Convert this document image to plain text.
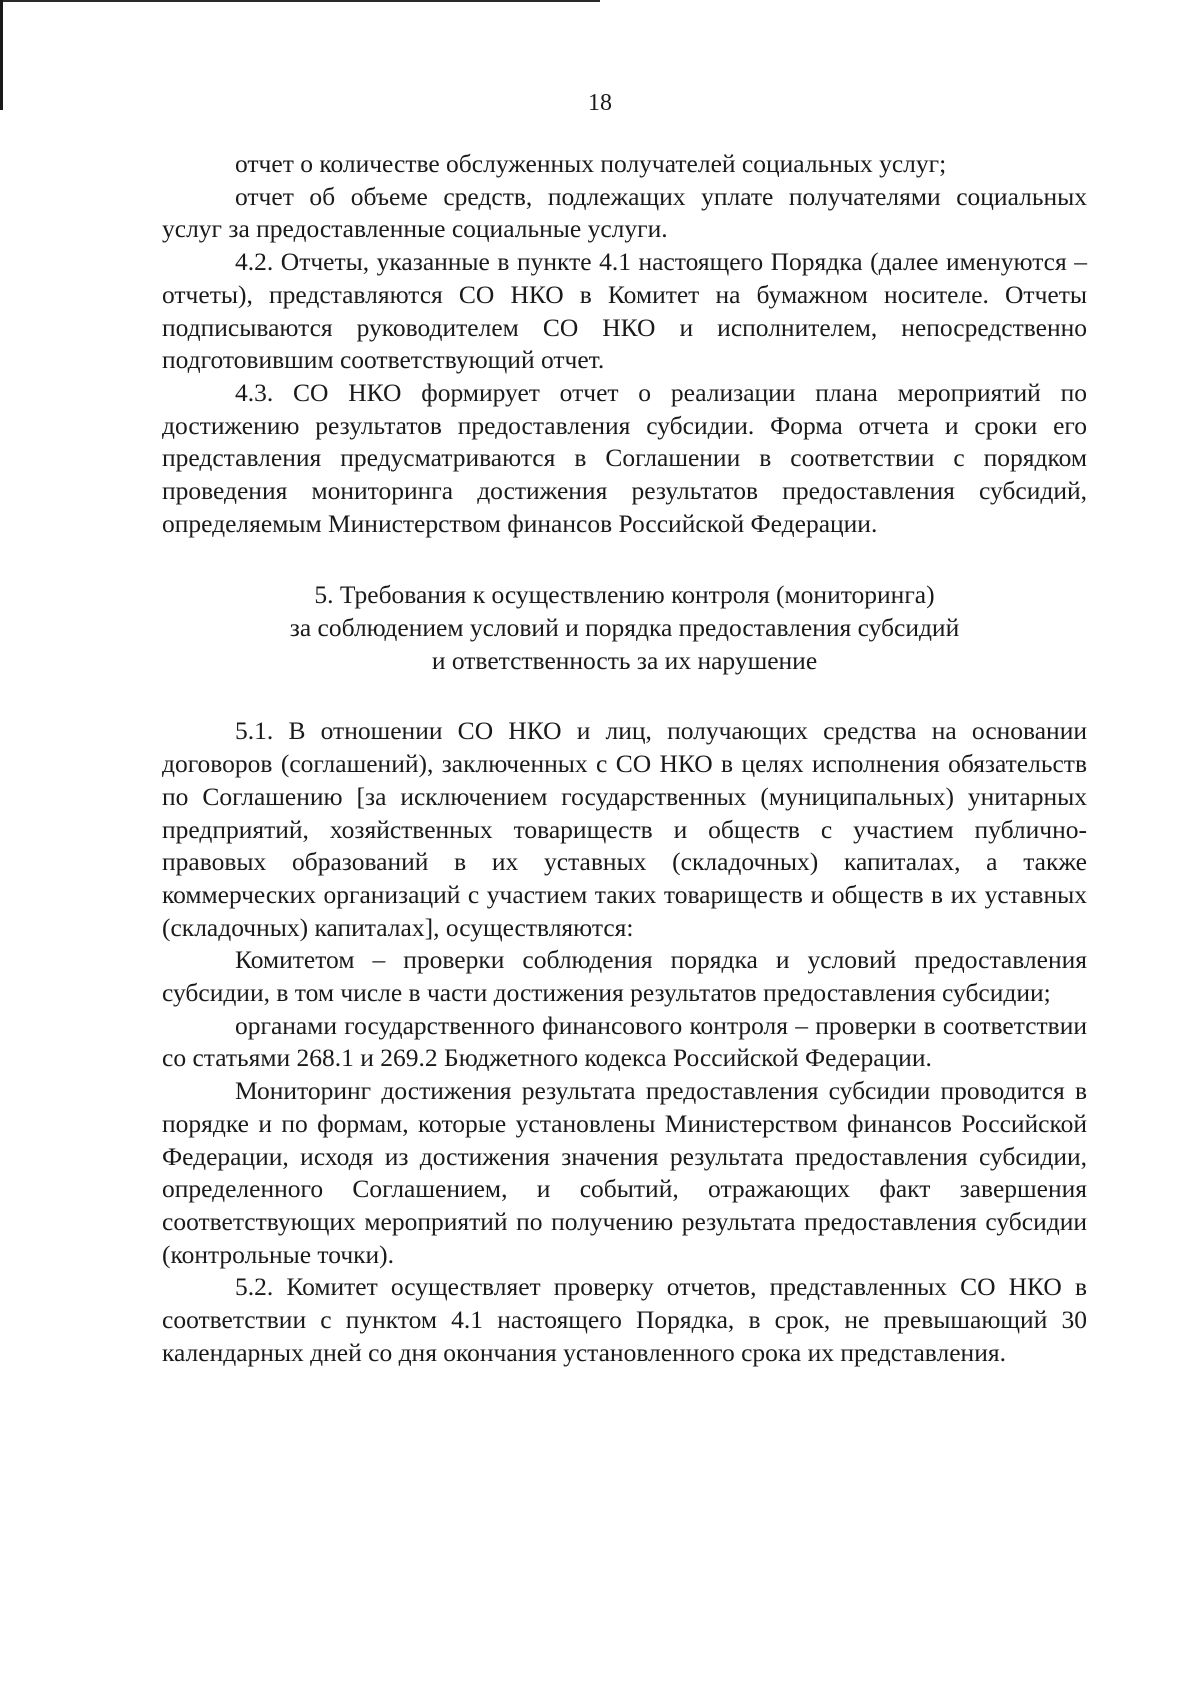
18

отчет о количестве обслуженных получателей социальных услуг;

отчет об объеме средств, подлежащих уплате получателями социальных услуг за предоставленные социальные услуги.

4.2. Отчеты, указанные в пункте 4.1 настоящего Порядка (далее именуются – отчеты), представляются СО НКО в Комитет на бумажном носителе. Отчеты подписываются руководителем СО НКО и исполнителем, непосредственно подготовившим соответствующий отчет.

4.3. СО НКО формирует отчет о реализации плана мероприятий по достижению результатов предоставления субсидии. Форма отчета и сроки его представления предусматриваются в Соглашении в соответствии с порядком проведения мониторинга достижения результатов предоставления субсидий, определяемым Министерством финансов Российской Федерации.

5. Требования к осуществлению контроля (мониторинга)
за соблюдением условий и порядка предоставления субсидий
и ответственность за их нарушение

5.1. В отношении СО НКО и лиц, получающих средства на основании договоров (соглашений), заключенных с СО НКО в целях исполнения обязательств по Соглашению [за исключением государственных (муниципальных) унитарных предприятий, хозяйственных товариществ и обществ с участием публично-правовых образований в их уставных (складочных) капиталах, а также коммерческих организаций с участием таких товариществ и обществ в их уставных (складочных) капиталах], осуществляются:

Комитетом – проверки соблюдения порядка и условий предоставления субсидии, в том числе в части достижения результатов предоставления субсидии;

органами государственного финансового контроля – проверки в соответствии со статьями 268.1 и 269.2 Бюджетного кодекса Российской Федерации.

Мониторинг достижения результата предоставления субсидии проводится в порядке и по формам, которые установлены Министерством финансов Российской Федерации, исходя из достижения значения результата предоставления субсидии, определенного Соглашением, и событий, отражающих факт завершения соответствующих мероприятий по получению результата предоставления субсидии (контрольные точки).

5.2. Комитет осуществляет проверку отчетов, представленных СО НКО в соответствии с пунктом 4.1 настоящего Порядка, в срок, не превышающий 30 календарных дней со дня окончания установленного срока их представления.
